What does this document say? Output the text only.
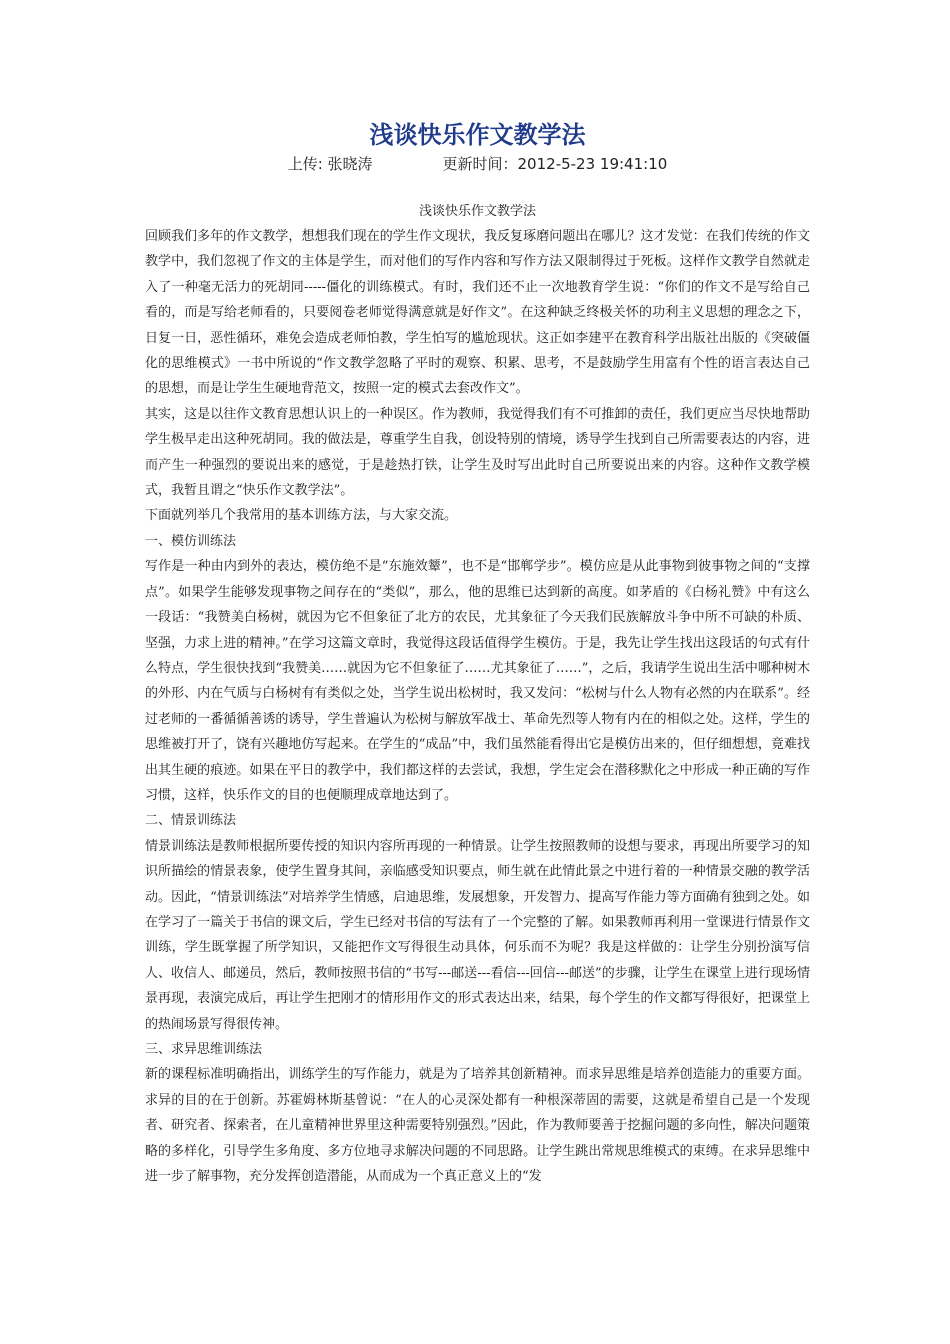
浅谈快乐作文教学法
上传: 张晓涛	更新时间：2012-5-23 19:41:10

浅谈快乐作文教学法

回顾我们多年的作文教学，想想我们现在的学生作文现状，我反复琢磨问题出在哪儿？这才发觉：在我们传统的作文教学中，我们忽视了作文的主体是学生，而对他们的写作内容和写作方法又限制得过于死板。这样作文教学自然就走入了一种毫无活力的死胡同-----僵化的训练模式。有时，我们还不止一次地教育学生说：“你们的作文不是写给自己看的，而是写给老师看的，只要阅卷老师觉得满意就是好作文”。在这种缺乏终极关怀的功利主义思想的理念之下，日复一日，恶性循环，难免会造成老师怕教，学生怕写的尴尬现状。这正如李建平在教育科学出版社出版的《突破僵化的思维模式》一书中所说的“作文教学忽略了平时的观察、积累、思考，不是鼓励学生用富有个性的语言表达自己的思想，而是让学生生硬地背范文，按照一定的模式去套改作文”。

其实，这是以往作文教育思想认识上的一种误区。作为教师，我觉得我们有不可推卸的责任，我们更应当尽快地帮助学生极早走出这种死胡同。我的做法是，尊重学生自我，创设特别的情境，诱导学生找到自己所需要表达的内容，进而产生一种强烈的要说出来的感觉，于是趁热打铁，让学生及时写出此时自己所要说出来的内容。这种作文教学模式，我暂且谓之“快乐作文教学法”。

下面就列举几个我常用的基本训练方法，与大家交流。

一、模仿训练法

写作是一种由内到外的表达，模仿绝不是“东施效颦”，也不是“邯郸学步”。模仿应是从此事物到彼事物之间的“支撑点”。如果学生能够发现事物之间存在的“类似”，那么，他的思维已达到新的高度。如茅盾的《白杨礼赞》中有这么一段话：“我赞美白杨树，就因为它不但象征了北方的农民，尤其象征了今天我们民族解放斗争中所不可缺的朴质、坚强，力求上进的精神。”在学习这篇文章时，我觉得这段话值得学生模仿。于是，我先让学生找出这段话的句式有什么特点，学生很快找到“我赞美……就因为它不但象征了……尤其象征了……”，之后，我请学生说出生活中哪种树木的外形、内在气质与白杨树有有类似之处，当学生说出松树时，我又发问：“松树与什么人物有必然的内在联系”。经过老师的一番循循善诱的诱导，学生普遍认为松树与解放军战士、革命先烈等人物有内在的相似之处。这样，学生的思维被打开了，饶有兴趣地仿写起来。在学生的“成品”中，我们虽然能看得出它是模仿出来的，但仔细想想，竟难找出其生硬的痕迹。如果在平日的教学中，我们都这样的去尝试，我想，学生定会在潜移默化之中形成一种正确的写作习惯，这样，快乐作文的目的也便顺理成章地达到了。

二、情景训练法

情景训练法是教师根据所要传授的知识内容所再现的一种情景。让学生按照教师的设想与要求，再现出所要学习的知识所描绘的情景表象，使学生置身其间，亲临感受知识要点，师生就在此情此景之中进行着的一种情景交融的教学活动。因此，“情景训练法”对培养学生情感，启迪思维，发展想象，开发智力、提高写作能力等方面确有独到之处。如在学习了一篇关于书信的课文后，学生已经对书信的写法有了一个完整的了解。如果教师再利用一堂课进行情景作文训练，学生既掌握了所学知识，又能把作文写得很生动具体，何乐而不为呢？我是这样做的：让学生分别扮演写信人、收信人、邮递员，然后，教师按照书信的“书写---邮送---看信---回信---邮送”的步骤，让学生在课堂上进行现场情景再现，表演完成后，再让学生把刚才的情形用作文的形式表达出来，结果，每个学生的作文都写得很好，把课堂上的热闹场景写得很传神。

三、求异思维训练法

新的课程标准明确指出，训练学生的写作能力，就是为了培养其创新精神。而求异思维是培养创造能力的重要方面。求异的目的在于创新。苏霍姆林斯基曾说：“在人的心灵深处都有一种根深蒂固的需要，这就是希望自己是一个发现者、研究者、探索者，在儿童精神世界里这种需要特别强烈。”因此，作为教师要善于挖掘问题的多向性，解决问题策略的多样化，引导学生多角度、多方位地寻求解决问题的不同思路。让学生跳出常规思维模式的束缚。在求异思维中进一步了解事物，充分发挥创造潜能，从而成为一个真正意义上的“发
